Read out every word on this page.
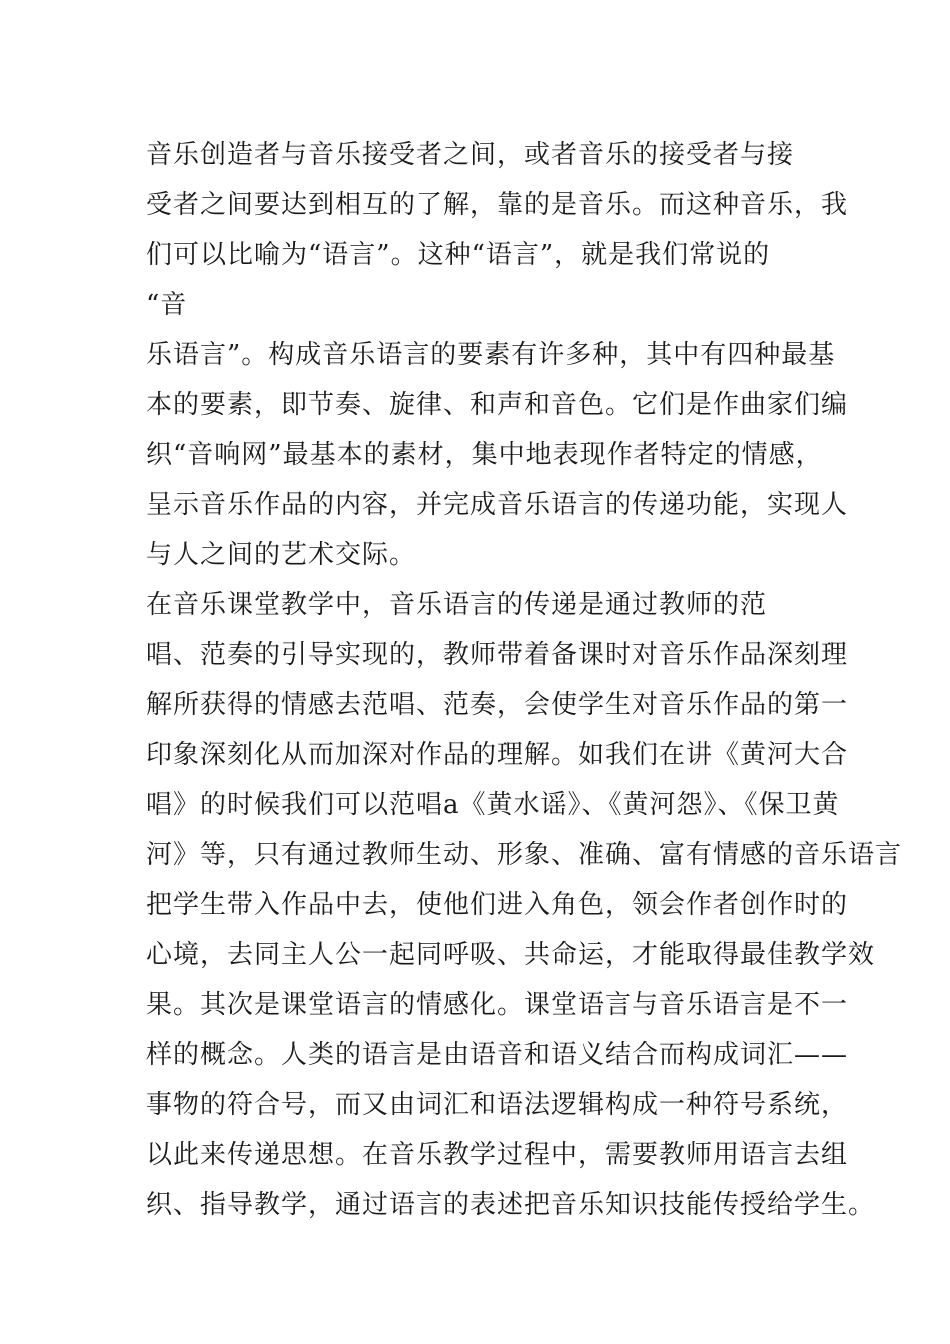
音乐创造者与音乐接受者之间，或者音乐的接受者与接
受者之间要达到相互的了解，靠的是音乐。而这种音乐，我
们可以比喻为“语言”。这种“语言”，就是我们常说的
“音
乐语言”。构成音乐语言的要素有许多种，其中有四种最基
本的要素，即节奏、旋律、和声和音色。它们是作曲家们编
织“音响网”最基本的素材，集中地表现作者特定的情感，
呈示音乐作品的内容，并完成音乐语言的传递功能，实现人
与人之间的艺术交际。
在音乐课堂教学中，音乐语言的传递是通过教师的范
唱、范奏的引导实现的，教师带着备课时对音乐作品深刻理
解所获得的情感去范唱、范奏，会使学生对音乐作品的第一
印象深刻化从而加深对作品的理解。如我们在讲《黄河大合
唱》的时候我们可以范唱a《黄水谣》、《黄河怨》、《保卫黄
河》等，只有通过教师生动、形象、准确、富有情感的音乐语言
把学生带入作品中去，使他们进入角色，领会作者创作时的
心境，去同主人公一起同呼吸、共命运，才能取得最佳教学效
果。其次是课堂语言的情感化。课堂语言与音乐语言是不一
样的概念。人类的语言是由语音和语义结合而构成词汇——
事物的符合号，而又由词汇和语法逻辑构成一种符号系统，
以此来传递思想。在音乐教学过程中，需要教师用语言去组
织、指导教学，通过语言的表述把音乐知识技能传授给学生。
